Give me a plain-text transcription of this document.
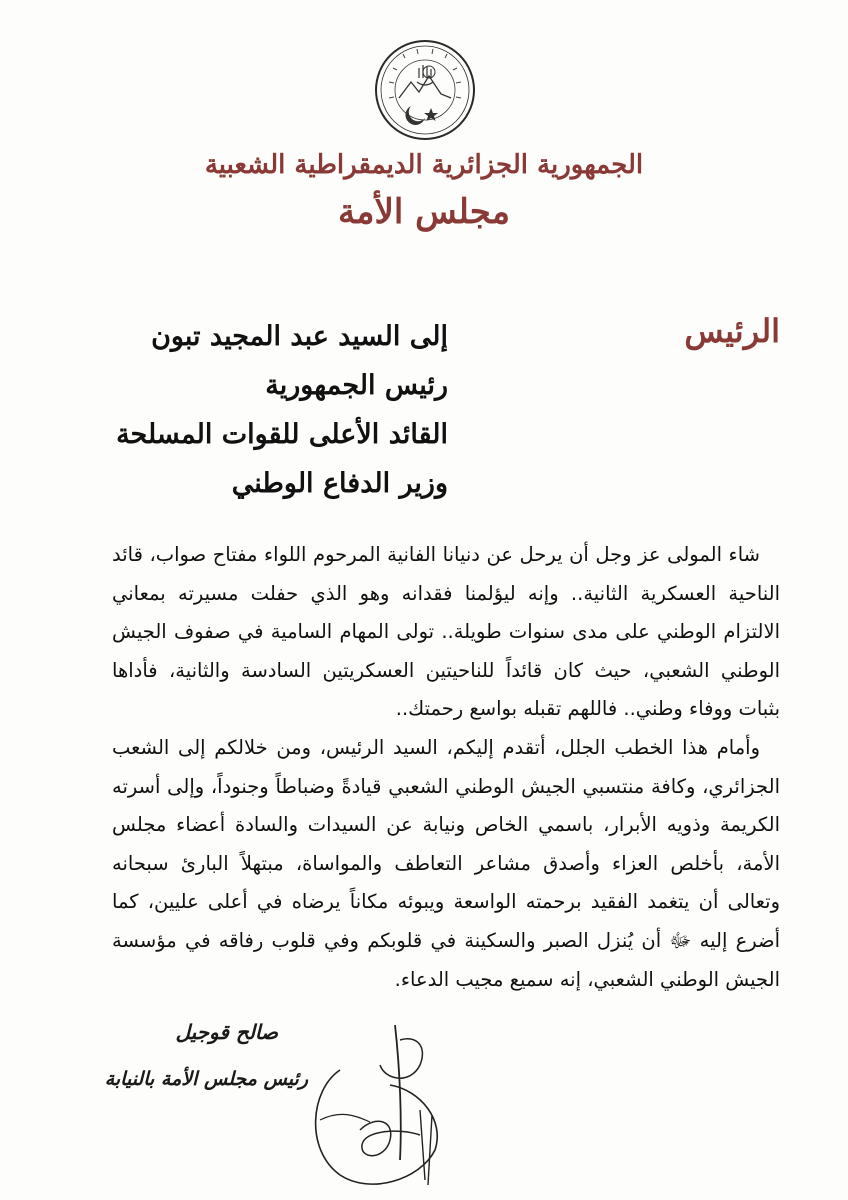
الجمهورية الجزائرية الديمقراطية الشعبية
مجلس الأمة
الرئيس
إلى السيد عبد المجيد تبون
رئيس الجمهورية
القائد الأعلى للقوات المسلحة
وزير الدفاع الوطني

شاء المولى عز وجل أن يرحل عن دنيانا الفانية المرحوم اللواء مفتاح صواب، قائد الناحية العسكرية الثانية.. وإنه ليؤلمنا فقدانه وهو الذي حفلت مسيرته بمعاني الالتزام الوطني على مدى سنوات طويلة.. تولى المهام السامية في صفوف الجيش الوطني الشعبي، حيث كان قائداً للناحيتين العسكريتين السادسة والثانية، فأداها بثبات ووفاء وطني.. فاللهم تقبله بواسع رحمتك..

وأمام هذا الخطب الجلل، أتقدم إليكم، السيد الرئيس، ومن خلالكم إلى الشعب الجزائري، وكافة منتسبي الجيش الوطني الشعبي قيادةً وضباطاً وجنوداً، وإلى أسرته الكريمة وذويه الأبرار، باسمي الخاص ونيابة عن السيدات والسادة أعضاء مجلس الأمة، بأخلص العزاء وأصدق مشاعر التعاطف والمواساة، مبتهلاً البارئ سبحانه وتعالى أن يتغمد الفقيد برحمته الواسعة ويبوئه مكاناً يرضاه في أعلى عليين، كما أضرع إليه ﷻ أن يُنزل الصبر والسكينة في قلوبكم وفي قلوب رفاقه في مؤسسة الجيش الوطني الشعبي، إنه سميع مجيب الدعاء.

صالح قوجيل
رئيس مجلس الأمة بالنيابة
